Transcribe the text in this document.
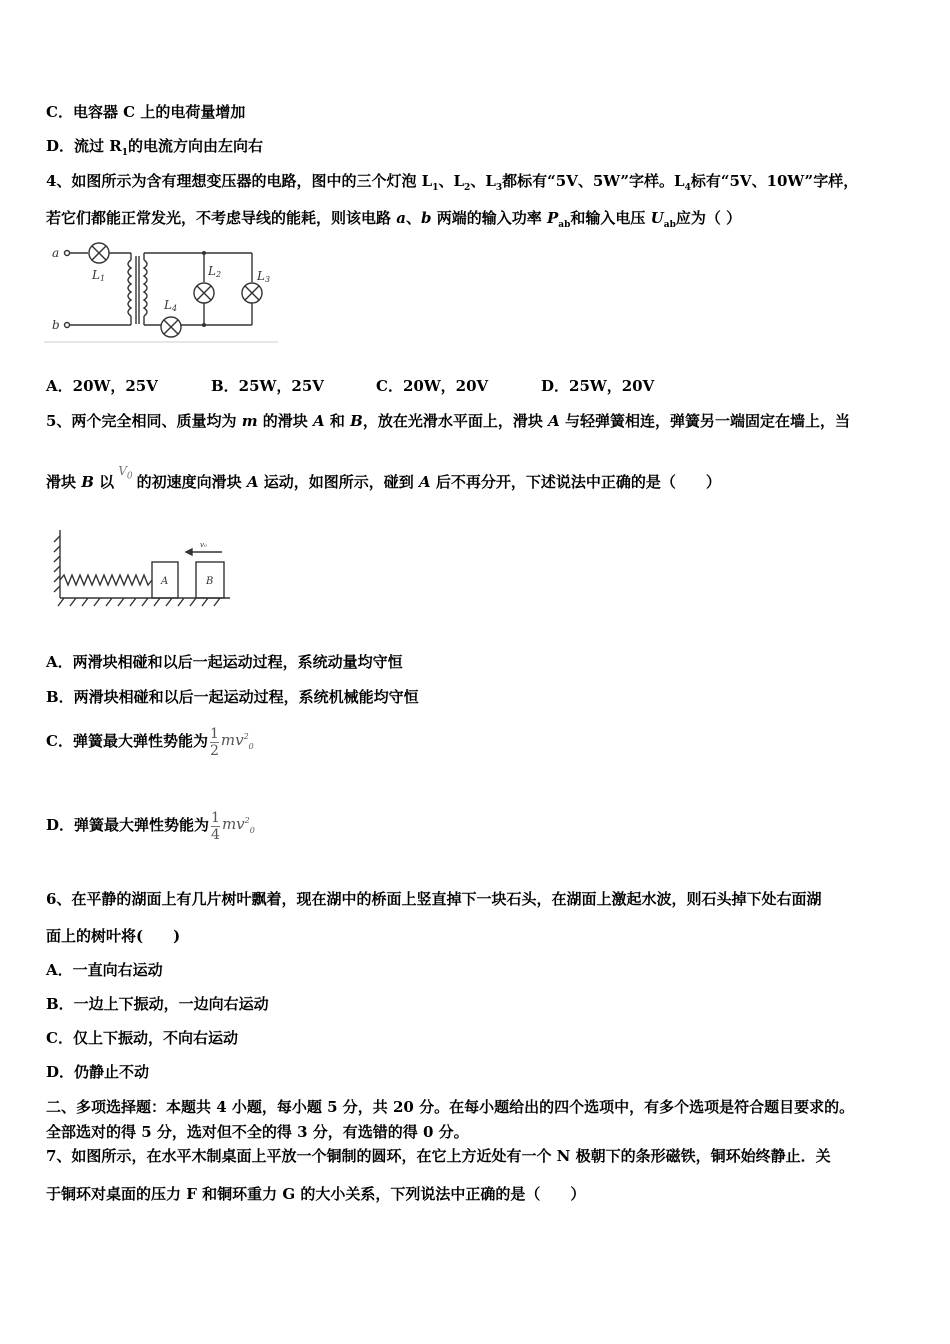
C．电容器 C 上的电荷量增加
D．流过 $R_1$的电流方向由左向右
4、如图所示为含有理想变压器的电路，图中的三个灯泡 $L_1$、$L_2$、$L_3$都标有“5V、5W”字样。$L_4$标有“5V、10W”字样，
若它们都能正常发光，不考虑导线的能耗，则该电路 a、b 两端的输入功率 $P_{ab}$和输入电压 $U_{ab}$应为（ ）
a
b
L1
L2	L3
L4
A．20W，25V	B．25W，25V	C．20W，20V	D．25W，20V
5、两个完全相同、质量均为 m 的滑块 A 和 B，放在光滑水平面上，滑块 A 与轻弹簧相连，弹簧另一端固定在墙上，当
滑块 B 以$^{V_0}$ 的初速度向滑块 A 运动，如图所示，碰到 A 后不再分开，下述说法中正确的是（　　）
A	B
v₀
A．两滑块相碰和以后一起运动过程，系统动量均守恒
B．两滑块相碰和以后一起运动过程，系统机械能均守恒
C．弹簧最大弹性势能为 $\frac{1}{2} mv^2_0$
D．弹簧最大弹性势能为 $\frac{1}{4} mv^2_0$
6、在平静的湖面上有几片树叶飘着，现在湖中的桥面上竖直掉下一块石头，在湖面上激起水波，则石头掉下处右面湖
面上的树叶将(　　)
A．一直向右运动
B．一边上下振动，一边向右运动
C．仅上下振动，不向右运动
D．仍静止不动
二、多项选择题：本题共 4 小题，每小题 5 分，共 20 分。在每小题给出的四个选项中，有多个选项是符合题目要求的。
全部选对的得 5 分，选对但不全的得 3 分，有选错的得 0 分。
7、如图所示，在水平木制桌面上平放一个铜制的圆环，在它上方近处有一个 N 极朝下的条形磁铁，铜环始终静止．关
于铜环对桌面的压力 F 和铜环重力 G 的大小关系，下列说法中正确的是（　　）
